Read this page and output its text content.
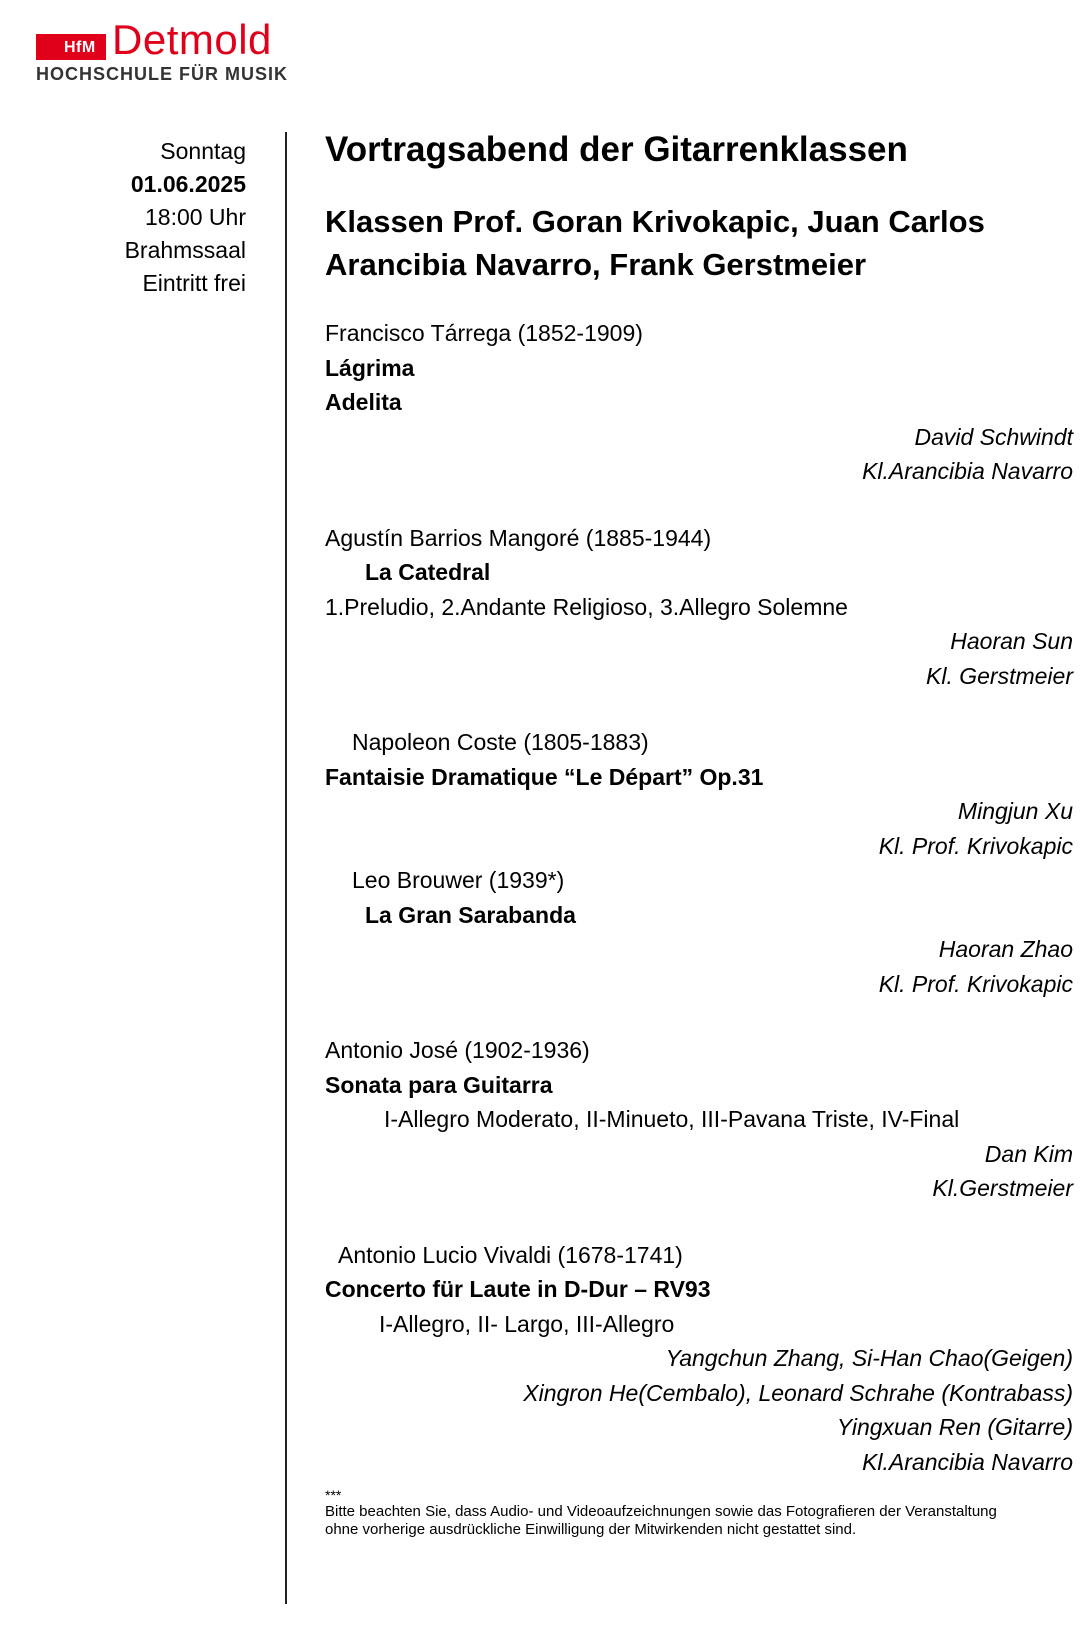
HfM Detmold
HOCHSCHULE FÜR MUSIK
Sonntag
01.06.2025
18:00 Uhr
Brahmssaal
Eintritt frei
Vortragsabend der Gitarrenklassen
Klassen Prof. Goran Krivokapic, Juan Carlos
Arancibia Navarro, Frank Gerstmeier
Francisco Tárrega (1852-1909)
Lágrima
Adelita
David Schwindt
Kl.Arancibia Navarro
Agustín Barrios Mangoré (1885-1944)
La Catedral
1.Preludio, 2.Andante Religioso, 3.Allegro Solemne
Haoran Sun
Kl. Gerstmeier
Napoleon Coste (1805-1883)
Fantaisie Dramatique “Le Départ” Op.31
Mingjun Xu
Kl. Prof. Krivokapic
Leo Brouwer (1939*)
La Gran Sarabanda
Haoran Zhao
Kl. Prof. Krivokapic
Antonio José (1902-1936)
Sonata para Guitarra
I-Allegro Moderato, II-Minueto, III-Pavana Triste, IV-Final
Dan Kim
Kl.Gerstmeier
Antonio Lucio Vivaldi (1678-1741)
Concerto für Laute in D-Dur – RV93
I-Allegro, II- Largo, III-Allegro
Yangchun Zhang, Si-Han Chao(Geigen)
Xingron He(Cembalo), Leonard Schrahe (Kontrabass)
Yingxuan Ren (Gitarre)
Kl.Arancibia Navarro
***
Bitte beachten Sie, dass Audio- und Videoaufzeichnungen sowie das Fotografieren der Veranstaltung
ohne vorherige ausdrückliche Einwilligung der Mitwirkenden nicht gestattet sind.
